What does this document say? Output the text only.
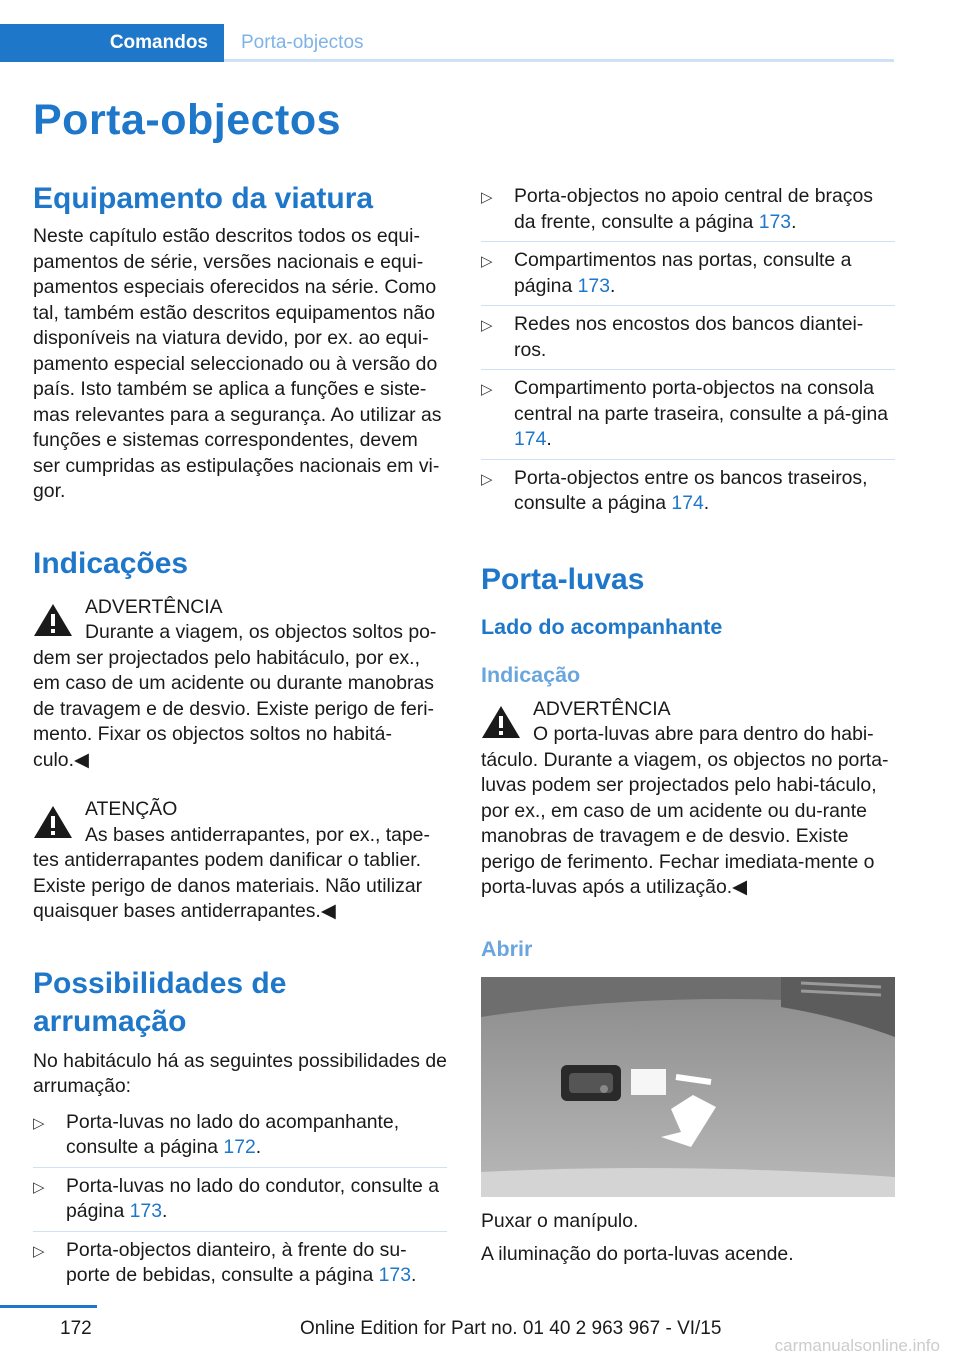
Comandos	Porta-objectos
Porta-objectos
Equipamento da viatura

Neste capítulo estão descritos todos os equi-pamentos de série, versões nacionais e equi-pamentos especiais oferecidos na série. Como tal, também estão descritos equipamentos não disponíveis na viatura devido, por ex. ao equi-pamento especial seleccionado ou à versão do país. Isto também se aplica a funções e siste-mas relevantes para a segurança. Ao utilizar as funções e sistemas correspondentes, devem ser cumpridas as estipulações nacionais em vi-gor.

Indicações

ADVERTÊNCIA

Durante a viagem, os objectos soltos po-dem ser projectados pelo habitáculo, por ex., em caso de um acidente ou durante manobras de travagem e de desvio. Existe perigo de feri-mento. Fixar os objectos soltos no habitá-culo.◀

ATENÇÃO

As bases antiderrapantes, por ex., tape-tes antiderrapantes podem danificar o tablier. Existe perigo de danos materiais. Não utilizar quaisquer bases antiderrapantes.◀

Possibilidades de arrumação

No habitáculo há as seguintes possibilidades de arrumação:

▷ Porta-luvas no lado do acompanhante, consulte a página 172.
▷ Porta-luvas no lado do condutor, consulte a página 173.
▷ Porta-objectos dianteiro, à frente do su-porte de bebidas, consulte a página 173.
▷ Porta-objectos no apoio central de braços da frente, consulte a página 173.
▷ Compartimentos nas portas, consulte a página 173.
▷ Redes nos encostos dos bancos diantei-ros.
▷ Compartimento porta-objectos na consola central na parte traseira, consulte a pá-gina 174.
▷ Porta-objectos entre os bancos traseiros, consulte a página 174.
Porta-luvas
Lado do acompanhante
Indicação

ADVERTÊNCIA

O porta-luvas abre para dentro do habi-táculo. Durante a viagem, os objectos no porta-luvas podem ser projectados pelo habi-táculo, por ex., em caso de um acidente ou du-rante manobras de travagem e de desvio. Existe perigo de ferimento. Fechar imediata-mente o porta-luvas após a utilização.◀

Abrir

Puxar o manípulo.

A iluminação do porta-luvas acende.

172	Online Edition for Part no. 01 40 2 963 967 - VI/15
carmanualsonline.info
